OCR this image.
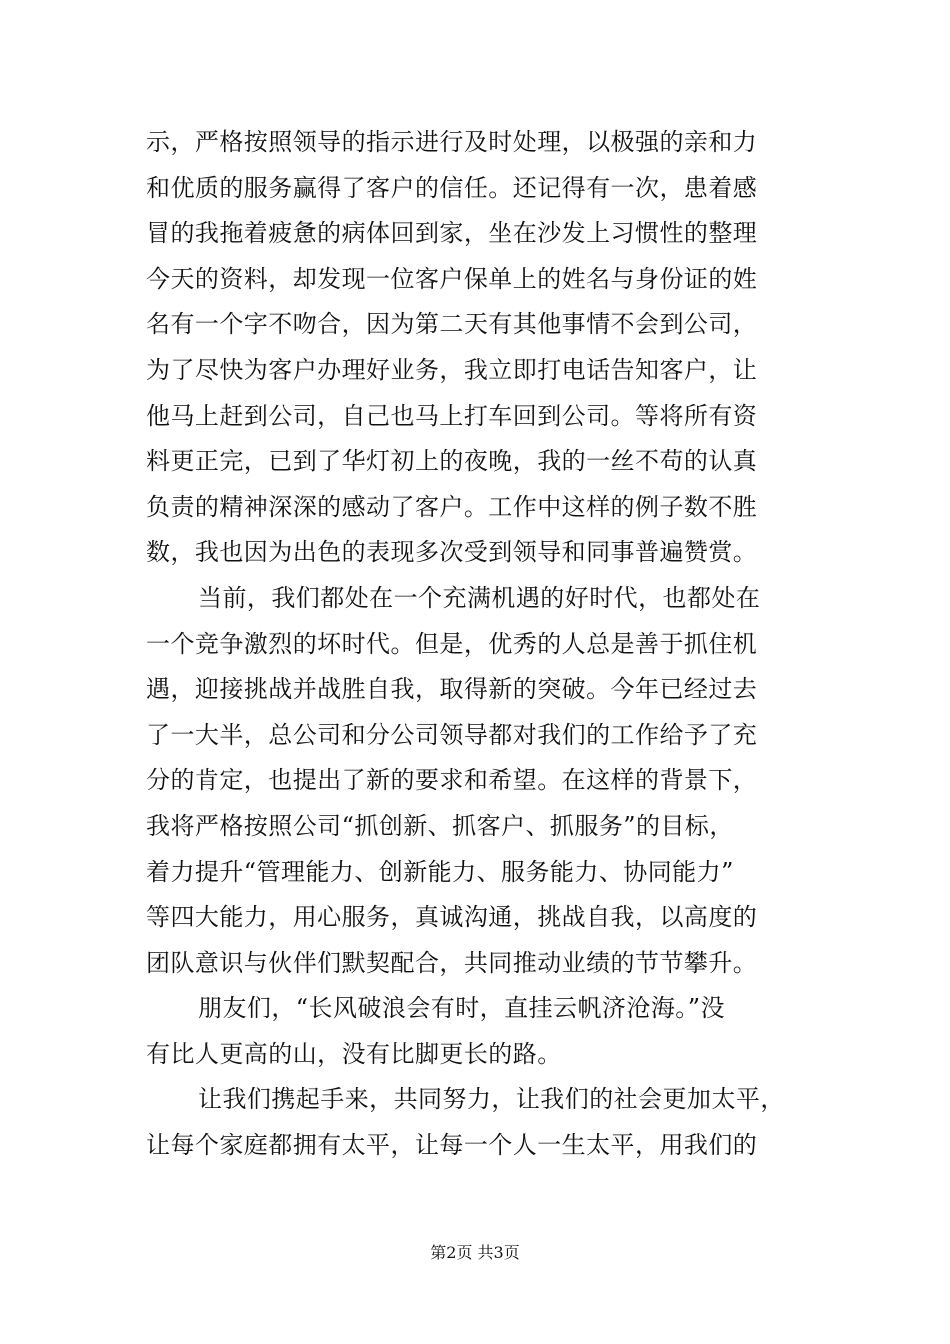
示，严格按照领导的指示进行及时处理，以极强的亲和力
和优质的服务赢得了客户的信任。还记得有一次，患着感
冒的我拖着疲惫的病体回到家，坐在沙发上习惯性的整理
今天的资料，却发现一位客户保单上的姓名与身份证的姓
名有一个字不吻合，因为第二天有其他事情不会到公司，
为了尽快为客户办理好业务，我立即打电话告知客户，让
他马上赶到公司，自己也马上打车回到公司。等将所有资
料更正完，已到了华灯初上的夜晚，我的一丝不苟的认真
负责的精神深深的感动了客户。工作中这样的例子数不胜
数，我也因为出色的表现多次受到领导和同事普遍赞赏。
当前，我们都处在一个充满机遇的好时代，也都处在
一个竞争激烈的坏时代。但是，优秀的人总是善于抓住机
遇，迎接挑战并战胜自我，取得新的突破。今年已经过去
了一大半，总公司和分公司领导都对我们的工作给予了充
分的肯定，也提出了新的要求和希望。在这样的背景下，
我将严格按照公司“抓创新、抓客户、抓服务”的目标，
着力提升“管理能力、创新能力、服务能力、协同能力”
等四大能力，用心服务，真诚沟通，挑战自我，以高度的
团队意识与伙伴们默契配合，共同推动业绩的节节攀升。
朋友们，“长风破浪会有时，直挂云帆济沧海。”没
有比人更高的山，没有比脚更长的路。
让我们携起手来，共同努力，让我们的社会更加太平，
让每个家庭都拥有太平，让每一个人一生太平，用我们的
第2页 共3页
